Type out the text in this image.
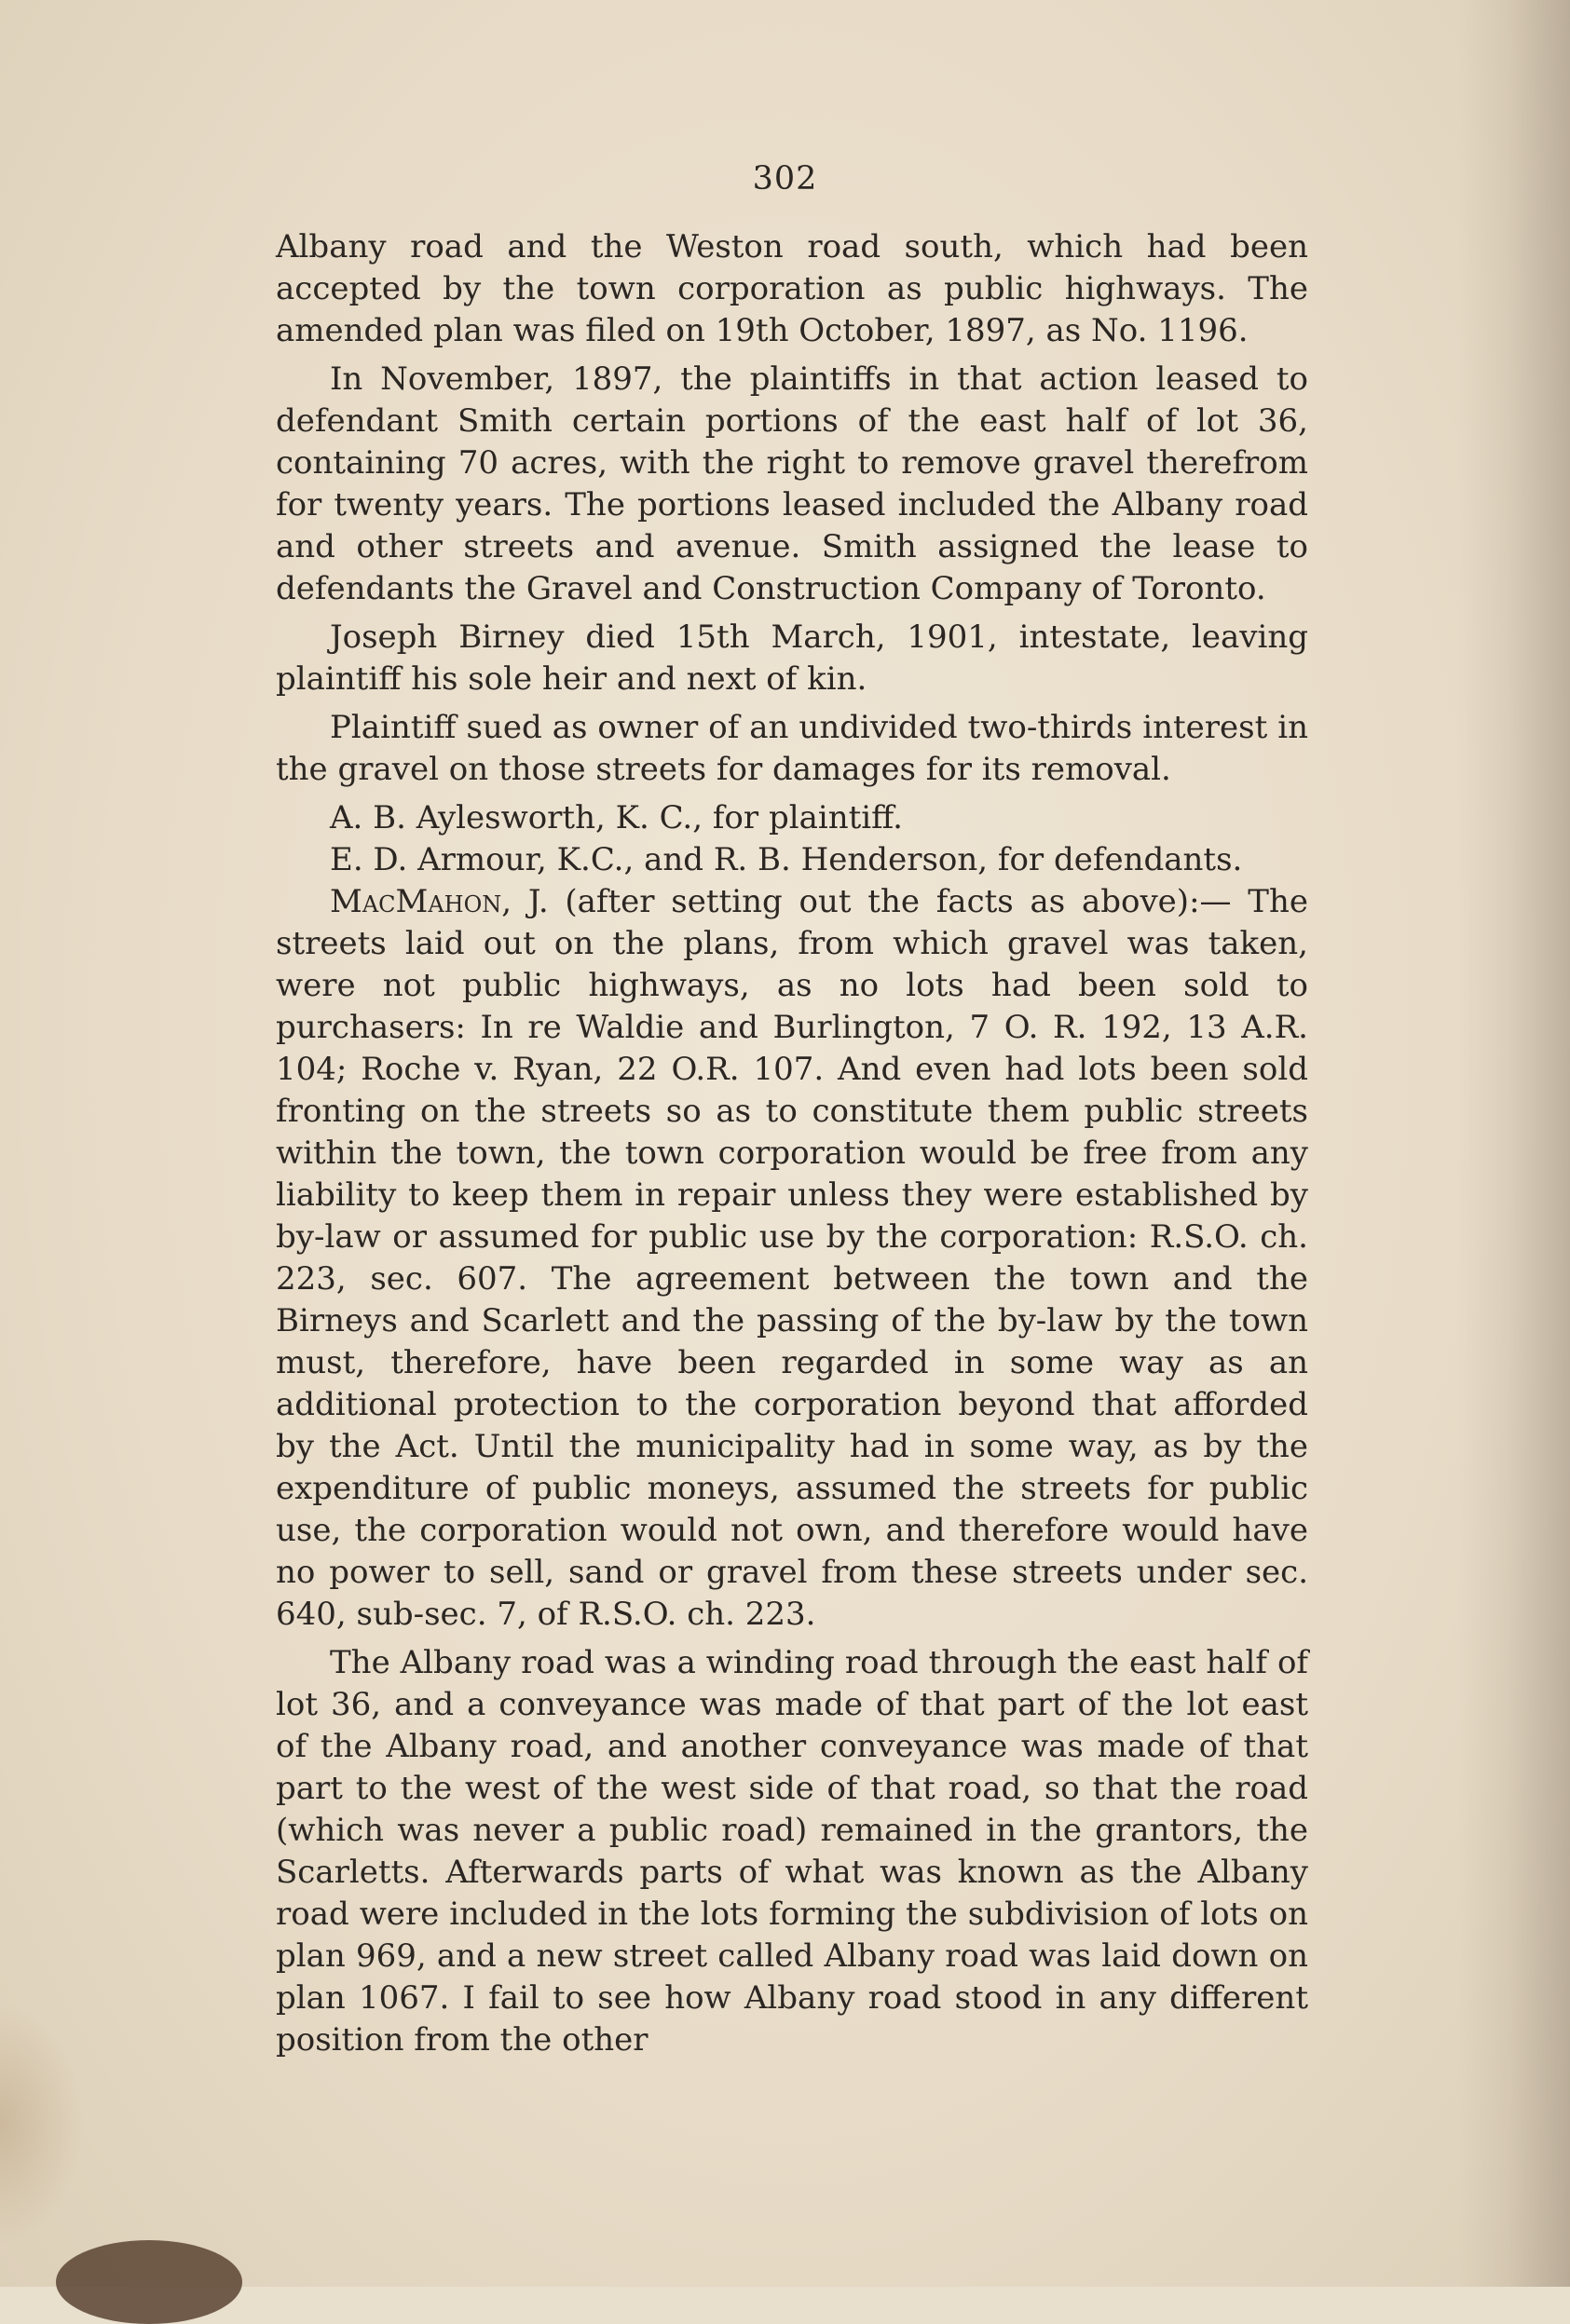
302

Albany road and the Weston road south, which had been accepted by the town corporation as public highways. The amended plan was filed on 19th October, 1897, as No. 1196.

In November, 1897, the plaintiffs in that action leased to defendant Smith certain portions of the east half of lot 36, containing 70 acres, with the right to remove gravel therefrom for twenty years. The portions leased included the Albany road and other streets and avenue. Smith assigned the lease to defendants the Gravel and Construction Company of Toronto.

Joseph Birney died 15th March, 1901, intestate, leaving plaintiff his sole heir and next of kin.

Plaintiff sued as owner of an undivided two-thirds interest in the gravel on those streets for damages for its removal.

A. B. Aylesworth, K. C., for plaintiff.

E. D. Armour, K.C., and R. B. Henderson, for defendants.

MacMahon, J. (after setting out the facts as above):— The streets laid out on the plans, from which gravel was taken, were not public highways, as no lots had been sold to purchasers: In re Waldie and Burlington, 7 O. R. 192, 13 A.R. 104; Roche v. Ryan, 22 O.R. 107. And even had lots been sold fronting on the streets so as to constitute them public streets within the town, the town corporation would be free from any liability to keep them in repair unless they were established by by-law or assumed for public use by the corporation: R.S.O. ch. 223, sec. 607. The agreement between the town and the Birneys and Scarlett and the passing of the by-law by the town must, therefore, have been regarded in some way as an additional protection to the corporation beyond that afforded by the Act. Until the municipality had in some way, as by the expenditure of public moneys, assumed the streets for public use, the corporation would not own, and therefore would have no power to sell, sand or gravel from these streets under sec. 640, sub-sec. 7, of R.S.O. ch. 223.

The Albany road was a winding road through the east half of lot 36, and a conveyance was made of that part of the lot east of the Albany road, and another conveyance was made of that part to the west of the west side of that road, so that the road (which was never a public road) remained in the grantors, the Scarletts. Afterwards parts of what was known as the Albany road were included in the lots forming the subdivision of lots on plan 969, and a new street called Albany road was laid down on plan 1067. I fail to see how Albany road stood in any different position from the other
